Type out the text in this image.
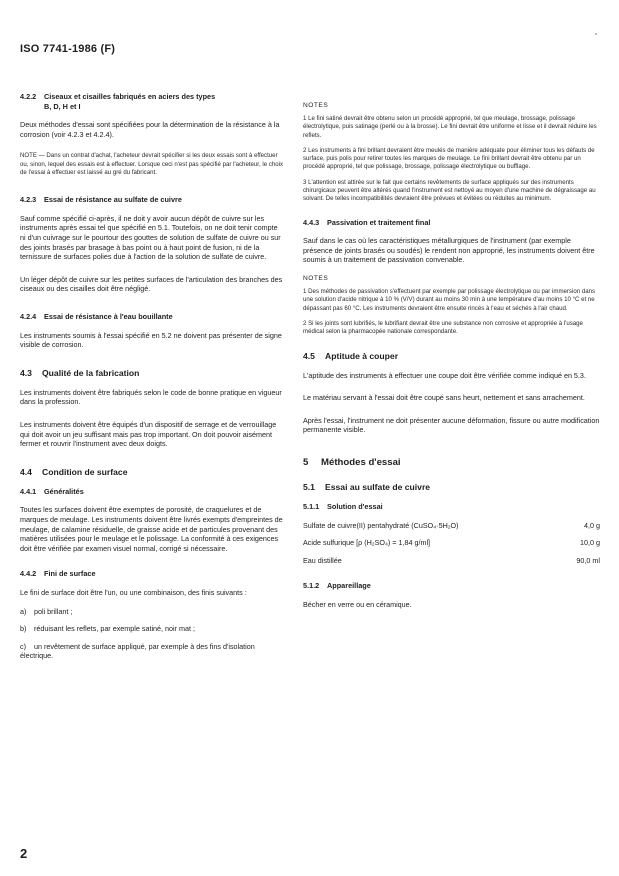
ISO 7741-1986 (F)
4.2.2 Ciseaux et cisailles fabriqués en aciers des types
B, D, H et I

Deux méthodes d'essai sont spécifiées pour la détermination de la résistance à la corrosion (voir 4.2.3 et 4.2.4).

NOTE — Dans un contrat d'achat, l'acheteur devrait spécifier si les deux essais sont à effectuer ou, sinon, lequel des essais est à effectuer. Lorsque ceci n'est pas spécifié par l'acheteur, le choix de l'essai à effectuer est laissé au gré du fabricant.

4.2.3 Essai de résistance au sulfate de cuivre

Sauf comme spécifié ci-après, il ne doit y avoir aucun dépôt de cuivre sur les instruments après essai tel que spécifié en 5.1. Toutefois, on ne doit tenir compte ni d'un cuivrage sur le pourtour des gouttes de solution de sulfate de cuivre ou sur des joints brasés par brasage à bas point ou à haut point de fusion, ni de la ternissure de surfaces polies due à l'action de la solution de sulfate de cuivre.

Un léger dépôt de cuivre sur les petites surfaces de l'articulation des branches des ciseaux ou des cisailles doit être négligé.

4.2.4 Essai de résistance à l'eau bouillante

Les instruments soumis à l'essai spécifié en 5.2 ne doivent pas présenter de signe visible de corrosion.

4.3 Qualité de la fabrication

Les instruments doivent être fabriqués selon le code de bonne pratique en vigueur dans la profession.

Les instruments doivent être équipés d'un dispositif de serrage et de verrouillage qui doit avoir un jeu suffisant mais pas trop important. On doit pouvoir aisément fermer et rouvrir l'instrument avec deux doigts.

4.4 Condition de surface
4.4.1 Généralités

Toutes les surfaces doivent être exemptes de porosité, de craquelures et de marques de meulage. Les instruments doivent être livrés exempts d'empreintes de meulage, de calamine résiduelle, de graisse acide et de particules provenant des matières utilisées pour le meulage et le polissage. La conformité à ces exigences doit être vérifiée par examen visuel normal, corrigé si nécessaire.

4.4.2 Fini de surface

Le fini de surface doit être l'un, ou une combinaison, des finis suivants :

a) poli brillant ;
b) réduisant les reflets, par exemple satiné, noir mat ;
c) un revêtement de surface appliqué, par exemple à des fins d'isolation électrique.
NOTES

1 Le fini satiné devrait être obtenu selon un procédé approprié, tel que meulage, brossage, polissage électrolytique, puis satinage (perlé ou à la brosse). Le fini devrait être uniforme et lisse et il devrait réduire les reflets.

2 Les instruments à fini brillant devraient être meulés de manière adéquate pour éliminer tous les défauts de surface, puis polis pour retirer toutes les marques de meulage. Le fini brillant devrait être obtenu par un procédé approprié, tel que polissage, brossage, polissage électrolytique ou bufflage.

3 L'attention est attirée sur le fait que certains revêtements de surface appliqués sur des instruments chirurgicaux peuvent être altérés quand l'instrument est nettoyé au moyen d'une machine de dégraissage au solvant. De telles incompatibilités devraient être prévues et évitées ou réduites au minimum.

4.4.3 Passivation et traitement final

Sauf dans le cas où les caractéristiques métallurgiques de l'instrument (par exemple présence de joints brasés ou soudés) le rendent non approprié, les instruments doivent être soumis à un traitement de passivation convenable.

NOTES

1 Des méthodes de passivation s'effectuent par exemple par polissage électrolytique ou par immersion dans une solution d'acide nitrique à 10 % (V/V) durant au moins 30 min à une température d'au moins 10 °C et ne dépassant pas 60 °C. Les instruments devraient être ensuite rincés à l'eau et séchés à l'air chaud.

2 Si les joints sont lubrifiés, le lubrifiant devrait être une substance non corrosive et appropriée à l'usage médical selon la pharmacopée nationale correspondante.

4.5 Aptitude à couper

L'aptitude des instruments à effectuer une coupe doit être vérifiée comme indiqué en 5.3.

Le matériau servant à l'essai doit être coupé sans heurt, nettement et sans arrachement.

Après l'essai, l'instrument ne doit présenter aucune déformation, fissure ou autre modification permanente visible.

5 Méthodes d'essai
5.1 Essai au sulfate de cuivre
5.1.1 Solution d'essai
Sulfate de cuivre(II) pentahydraté (CuSO₄·5H₂O)	4,0 g
Acide sulfurique [ρ (H₂SO₄) = 1,84 g/ml]	10,0 g
Eau distillée	90,0 ml
5.1.2 Appareillage

Bécher en verre ou en céramique.

2
